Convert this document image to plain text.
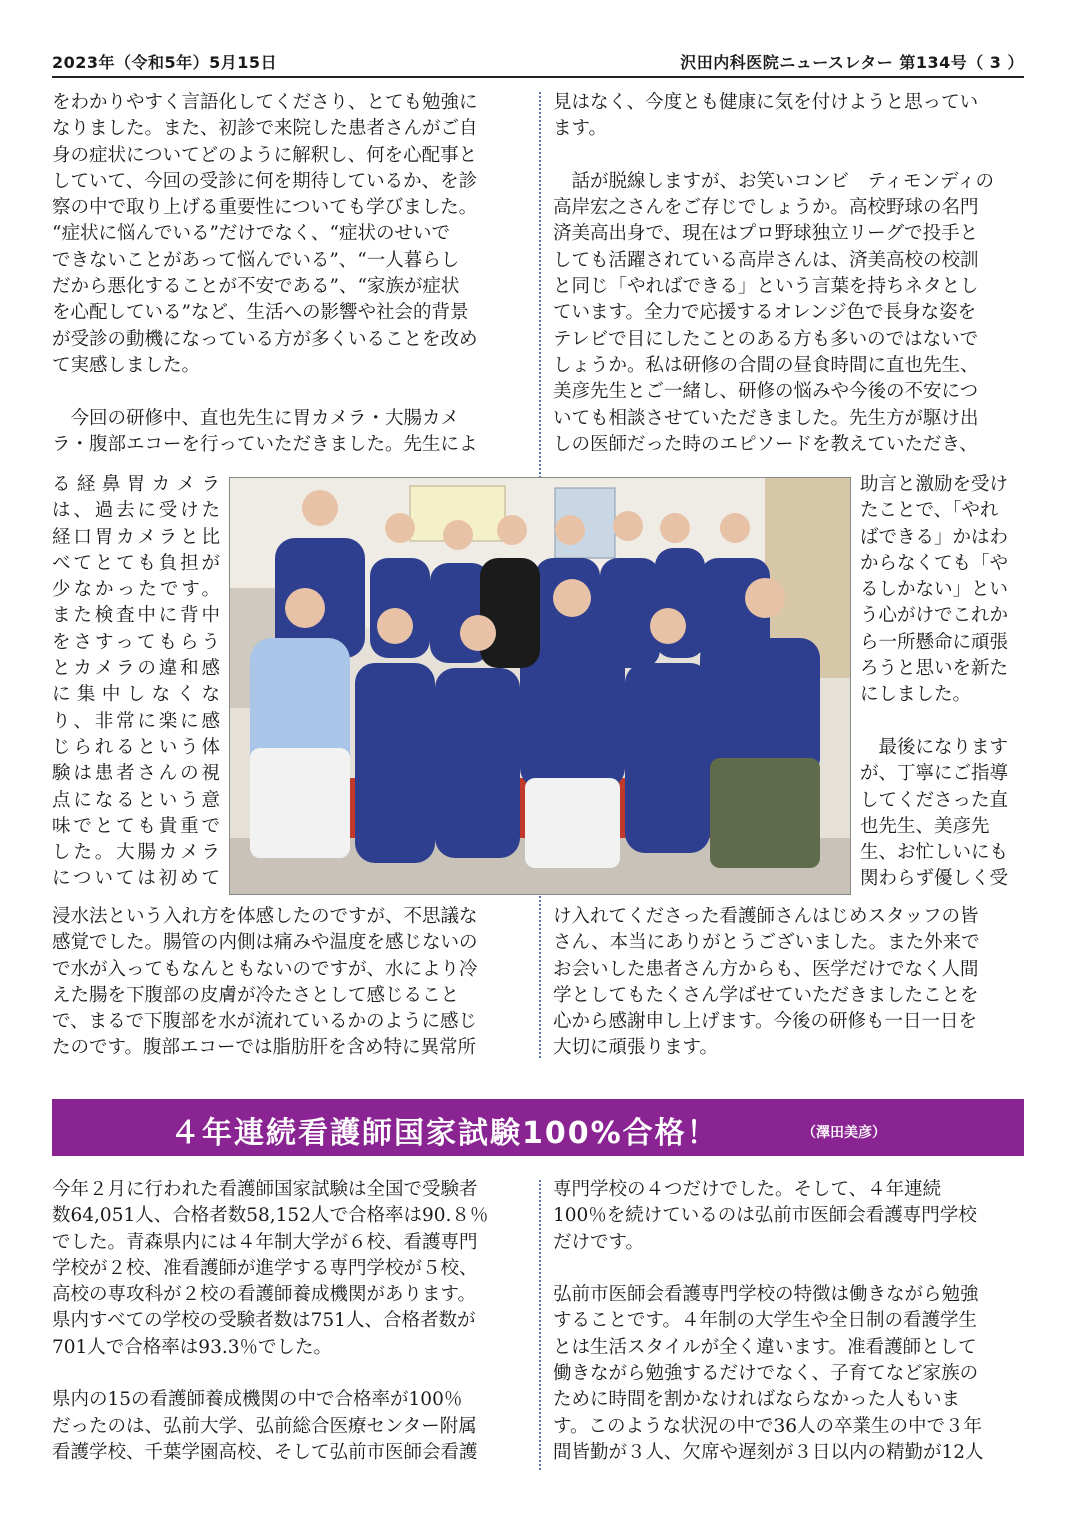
2023年（令和5年）5月15日	沢田内科医院ニュースレター 第134号（ 3 ）

をわかりやすく言語化してくださり、とても勉強に
なりました。また、初診で来院した患者さんがご自
身の症状についてどのように解釈し、何を心配事と
していて、今回の受診に何を期待しているか、を診
察の中で取り上げる重要性についても学びました。
“症状に悩んでいる”だけでなく、“症状のせいで
できないことがあって悩んでいる”、“一人暮らし
だから悪化することが不安である”、“家族が症状
を心配している”など、生活への影響や社会的背景
が受診の動機になっている方が多くいることを改め
て実感しました。

　今回の研修中、直也先生に胃カメラ・大腸カメ
ラ・腹部エコーを行っていただきました。先生によ

る経鼻胃カメラ
は、過去に受けた
経口胃カメラと比
べてとても負担が
少なかったです。
また検査中に背中
をさすってもらう
とカメラの違和感
に集中しなくな
り、非常に楽に感
じられるという体
験は患者さんの視
点になるという意
味でとても貴重で
した。大腸カメラ
については初めて

浸水法という入れ方を体感したのですが、不思議な
感覚でした。腸管の内側は痛みや温度を感じないの
で水が入ってもなんともないのですが、水により冷
えた腸を下腹部の皮膚が冷たさとして感じること
で、まるで下腹部を水が流れているかのように感じ
たのです。腹部エコーでは脂肪肝を含め特に異常所

見はなく、今度とも健康に気を付けようと思ってい
ます。

　話が脱線しますが、お笑いコンビ　ティモンディの
高岸宏之さんをご存じでしょうか。高校野球の名門
済美高出身で、現在はプロ野球独立リーグで投手と
しても活躍されている高岸さんは、済美高校の校訓
と同じ「やればできる」という言葉を持ちネタとし
ています。全力で応援するオレンジ色で長身な姿を
テレビで目にしたことのある方も多いのではないで
しょうか。私は研修の合間の昼食時間に直也先生、
美彦先生とご一緒し、研修の悩みや今後の不安につ
いても相談させていただきました。先生方が駆け出
しの医師だった時のエピソードを教えていただき、

助言と激励を受け
たことで、「やれ
ばできる」かはわ
からなくても「や
るしかない」とい
う心がけでこれか
ら一所懸命に頑張
ろうと思いを新た
にしました。

　最後になります
が、丁寧にご指導
してくださった直
也先生、美彦先
生、お忙しいにも
関わらず優しく受

け入れてくださった看護師さんはじめスタッフの皆
さん、本当にありがとうございました。また外来で
お会いした患者さん方からも、医学だけでなく人間
学としてもたくさん学ばせていただきましたことを
心から感謝申し上げます。今後の研修も一日一日を
大切に頑張ります。

４年連続看護師国家試験100%合格！	（澤田美彦）

今年２月に行われた看護師国家試験は全国で受験者
数64,051人、合格者数58,152人で合格率は90.８％
でした。青森県内には４年制大学が６校、看護専門
学校が２校、准看護師が進学する専門学校が５校、
高校の専攻科が２校の看護師養成機関があります。
県内すべての学校の受験者数は751人、合格者数が
701人で合格率は93.3％でした。

県内の15の看護師養成機関の中で合格率が100％
だったのは、弘前大学、弘前総合医療センター附属
看護学校、千葉学園高校、そして弘前市医師会看護

専門学校の４つだけでした。そして、４年連続
100％を続けているのは弘前市医師会看護専門学校
だけです。

弘前市医師会看護専門学校の特徴は働きながら勉強
することです。４年制の大学生や全日制の看護学生
とは生活スタイルが全く違います。准看護師として
働きながら勉強するだけでなく、子育てなど家族の
ために時間を割かなければならなかった人もいま
す。このような状況の中で36人の卒業生の中で３年
間皆勤が３人、欠席や遅刻が３日以内の精勤が12人
